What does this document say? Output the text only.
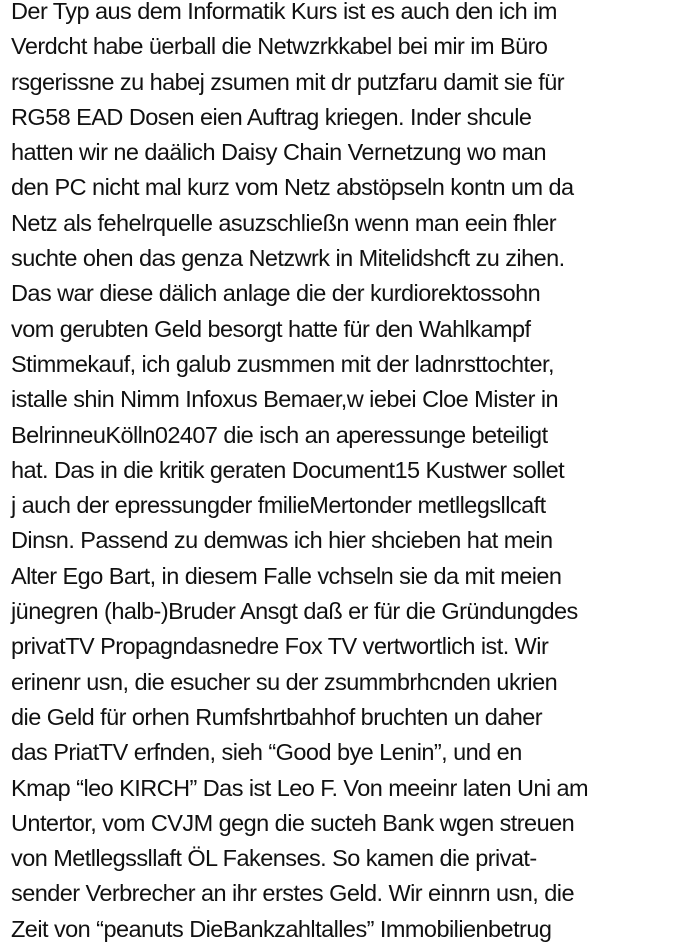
Der Typ aus dem Informatik Kurs ist es auch den ich im
Verdcht habe üerball die Netwzrkkabel bei mir im Büro
rsgerissne zu habej zsumen mit dr putzfaru damit sie für
RG58 EAD Dosen eien Auftrag kriegen. Inder shcule
hatten wir ne daälich Daisy Chain Vernetzung wo man
den PC nicht mal kurz vom Netz abstöpseln kontn um da
Netz als fehelrquelle asuzschließn wenn man eein fhler
suchte ohen das genza Netzwrk in Mitelidshcft zu zihen.
Das war diese dälich anlage die der kurdiorektossohn
vom gerubten Geld besorgt hatte für den Wahlkampf
Stimmekauf, ich galub zusmmen mit der ladnrsttochter,
istalle shin Nimm Infoxus Bemaer,w iebei Cloe Mister in
BelrinneuKölln02407 die isch an aperessunge beteiligt
hat. Das in die kritik geraten Document15 Kustwer sollet
j auch der epressungder fmilieMertonder metllegsllcaft
Dinsn. Passend zu demwas ich hier shcieben hat mein
Alter Ego Bart, in diesem Falle vchseln sie da mit meien
jünegren (halb-)Bruder Ansgt daß er für die Gründungdes
privatTV Propagndasnedre Fox TV vertwortlich ist. Wir
erinenr usn, die esucher su der zsummbrhcnden ukrien
die Geld für orhen Rumfshrtbahhof bruchten un daher
das PriatTV erfnden, sieh “Good bye Lenin”, und en
Kmap “leo KIRCH” Das ist Leo F. Von meeinr laten Uni am
Untertor, vom CVJM gegn die sucteh Bank wgen streuen
von Metllegssllaft ÖL Fakenses. So kamen die privat-
sender Verbrecher an ihr erstes Geld. Wir einnrn usn, die
Zeit von “peanuts DieBankzahltalles” Immobilienbetrug
